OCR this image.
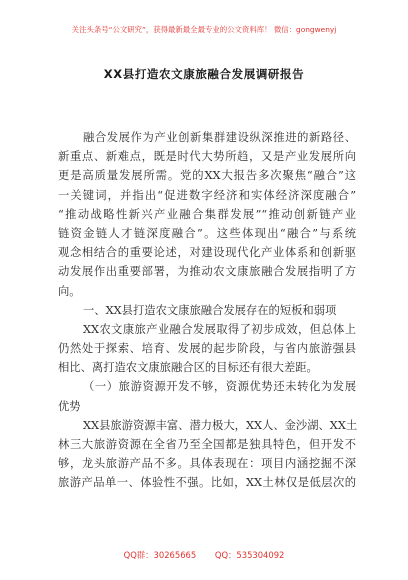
关注头条号“公文研究”，获得最新最全最专业的公文资料库！ 微信：gongwenyj
XX县打造农文康旅融合发展调研报告
融合发展作为产业创新集群建设纵深推进的新路径、
新重点、新难点，既是时代大势所趋，又是产业发展所向
更是高质量发展所需。党的XX大报告多次聚焦“融合”这
一关键词，并指出“促进数字经济和实体经济深度融合”
“推动战略性新兴产业融合集群发展”“推动创新链产业
链资金链人才链深度融合”。这些体现出“融合”与系统
观念相结合的重要论述，对建设现代化产业体系和创新驱
动发展作出重要部署，为推动农文康旅融合发展指明了方
向。
一、XX县打造农文康旅融合发展存在的短板和弱项
XX农文康旅产业融合发展取得了初步成效，但总体上
仍然处于探索、培育、发展的起步阶段，与省内旅游强县
相比、离打造农文康旅融合区的目标还有很大差距。
（一）旅游资源开发不够，资源优势还未转化为发展
优势
XX县旅游资源丰富、潜力极大，XX人、金沙湖、XX土
林三大旅游资源在全省乃至全国都是独具特色，但开发不
够，龙头旅游产品不多。具体表现在：项目内涵挖掘不深
旅游产品单一、体验性不强。比如，XX土林仅是低层次的
QQ群：30265665 QQ：535304092
